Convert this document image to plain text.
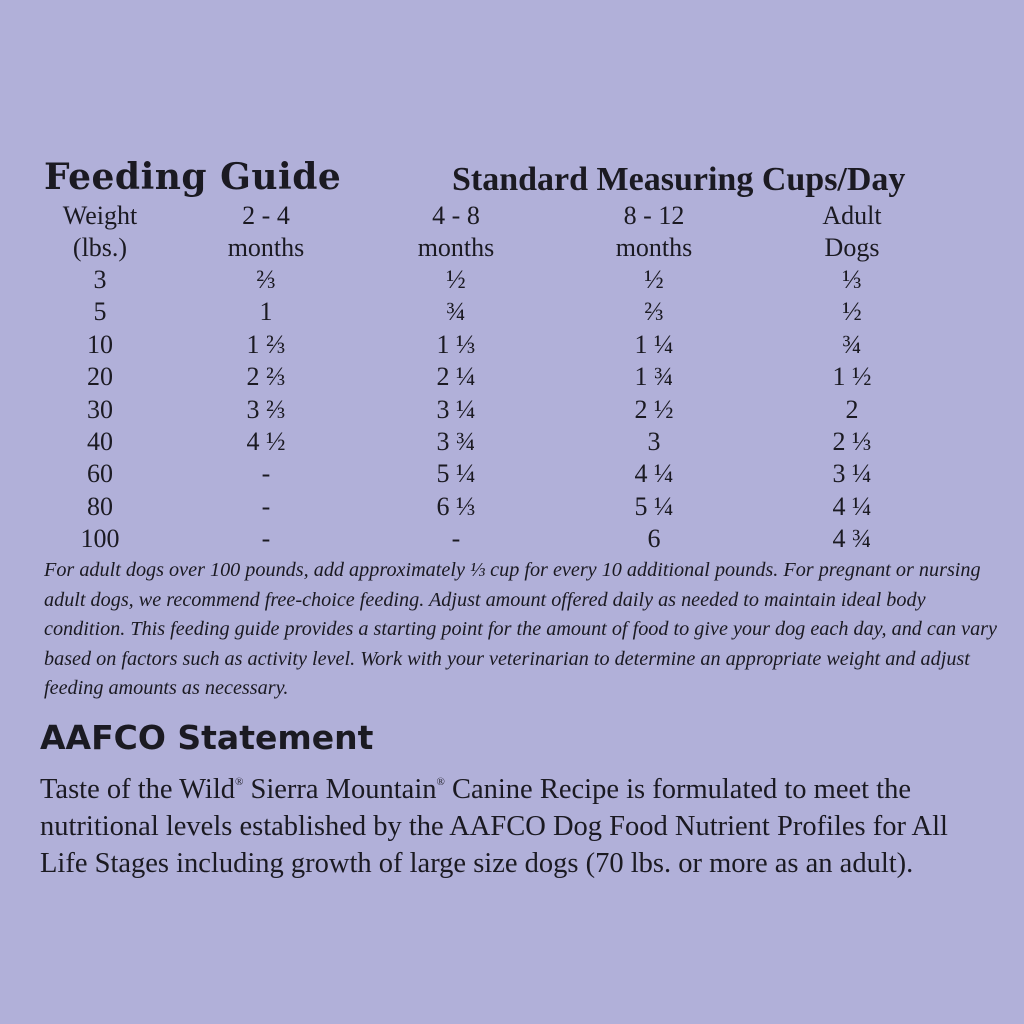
Feeding Guide	Standard Measuring Cups/Day
Weight
(lbs.)
3
5
10
20
30
40
60
80
100
2 - 4
months
⅔
1
1 ⅔
2 ⅔
3 ⅔
4 ½
-
-
-
4 - 8
months
½
¾
1 ⅓
2 ¼
3 ¼
3 ¾
5 ¼
6 ⅓
-
8 - 12
months
½
⅔
1 ¼
1 ¾
2 ½
3
4 ¼
5 ¼
6
Adult
Dogs
⅓
½
¾
1 ½
2
2 ⅓
3 ¼
4 ¼
4 ¾

For adult dogs over 100 pounds, add approximately ⅓ cup for every 10 additional pounds. For pregnant or nursing adult dogs, we recommend free-choice feeding. Adjust amount offered daily as needed to maintain ideal body condition. This feeding guide provides a starting point for the amount of food to give your dog each day, and can vary based on factors such as activity level. Work with your veterinarian to determine an appropriate weight and adjust feeding amounts as necessary.

AAFCO Statement

Taste of the Wild® Sierra Mountain® Canine Recipe is formulated to meet the nutritional levels established by the AAFCO Dog Food Nutrient Profiles for All Life Stages including growth of large size dogs (70 lbs. or more as an adult).
